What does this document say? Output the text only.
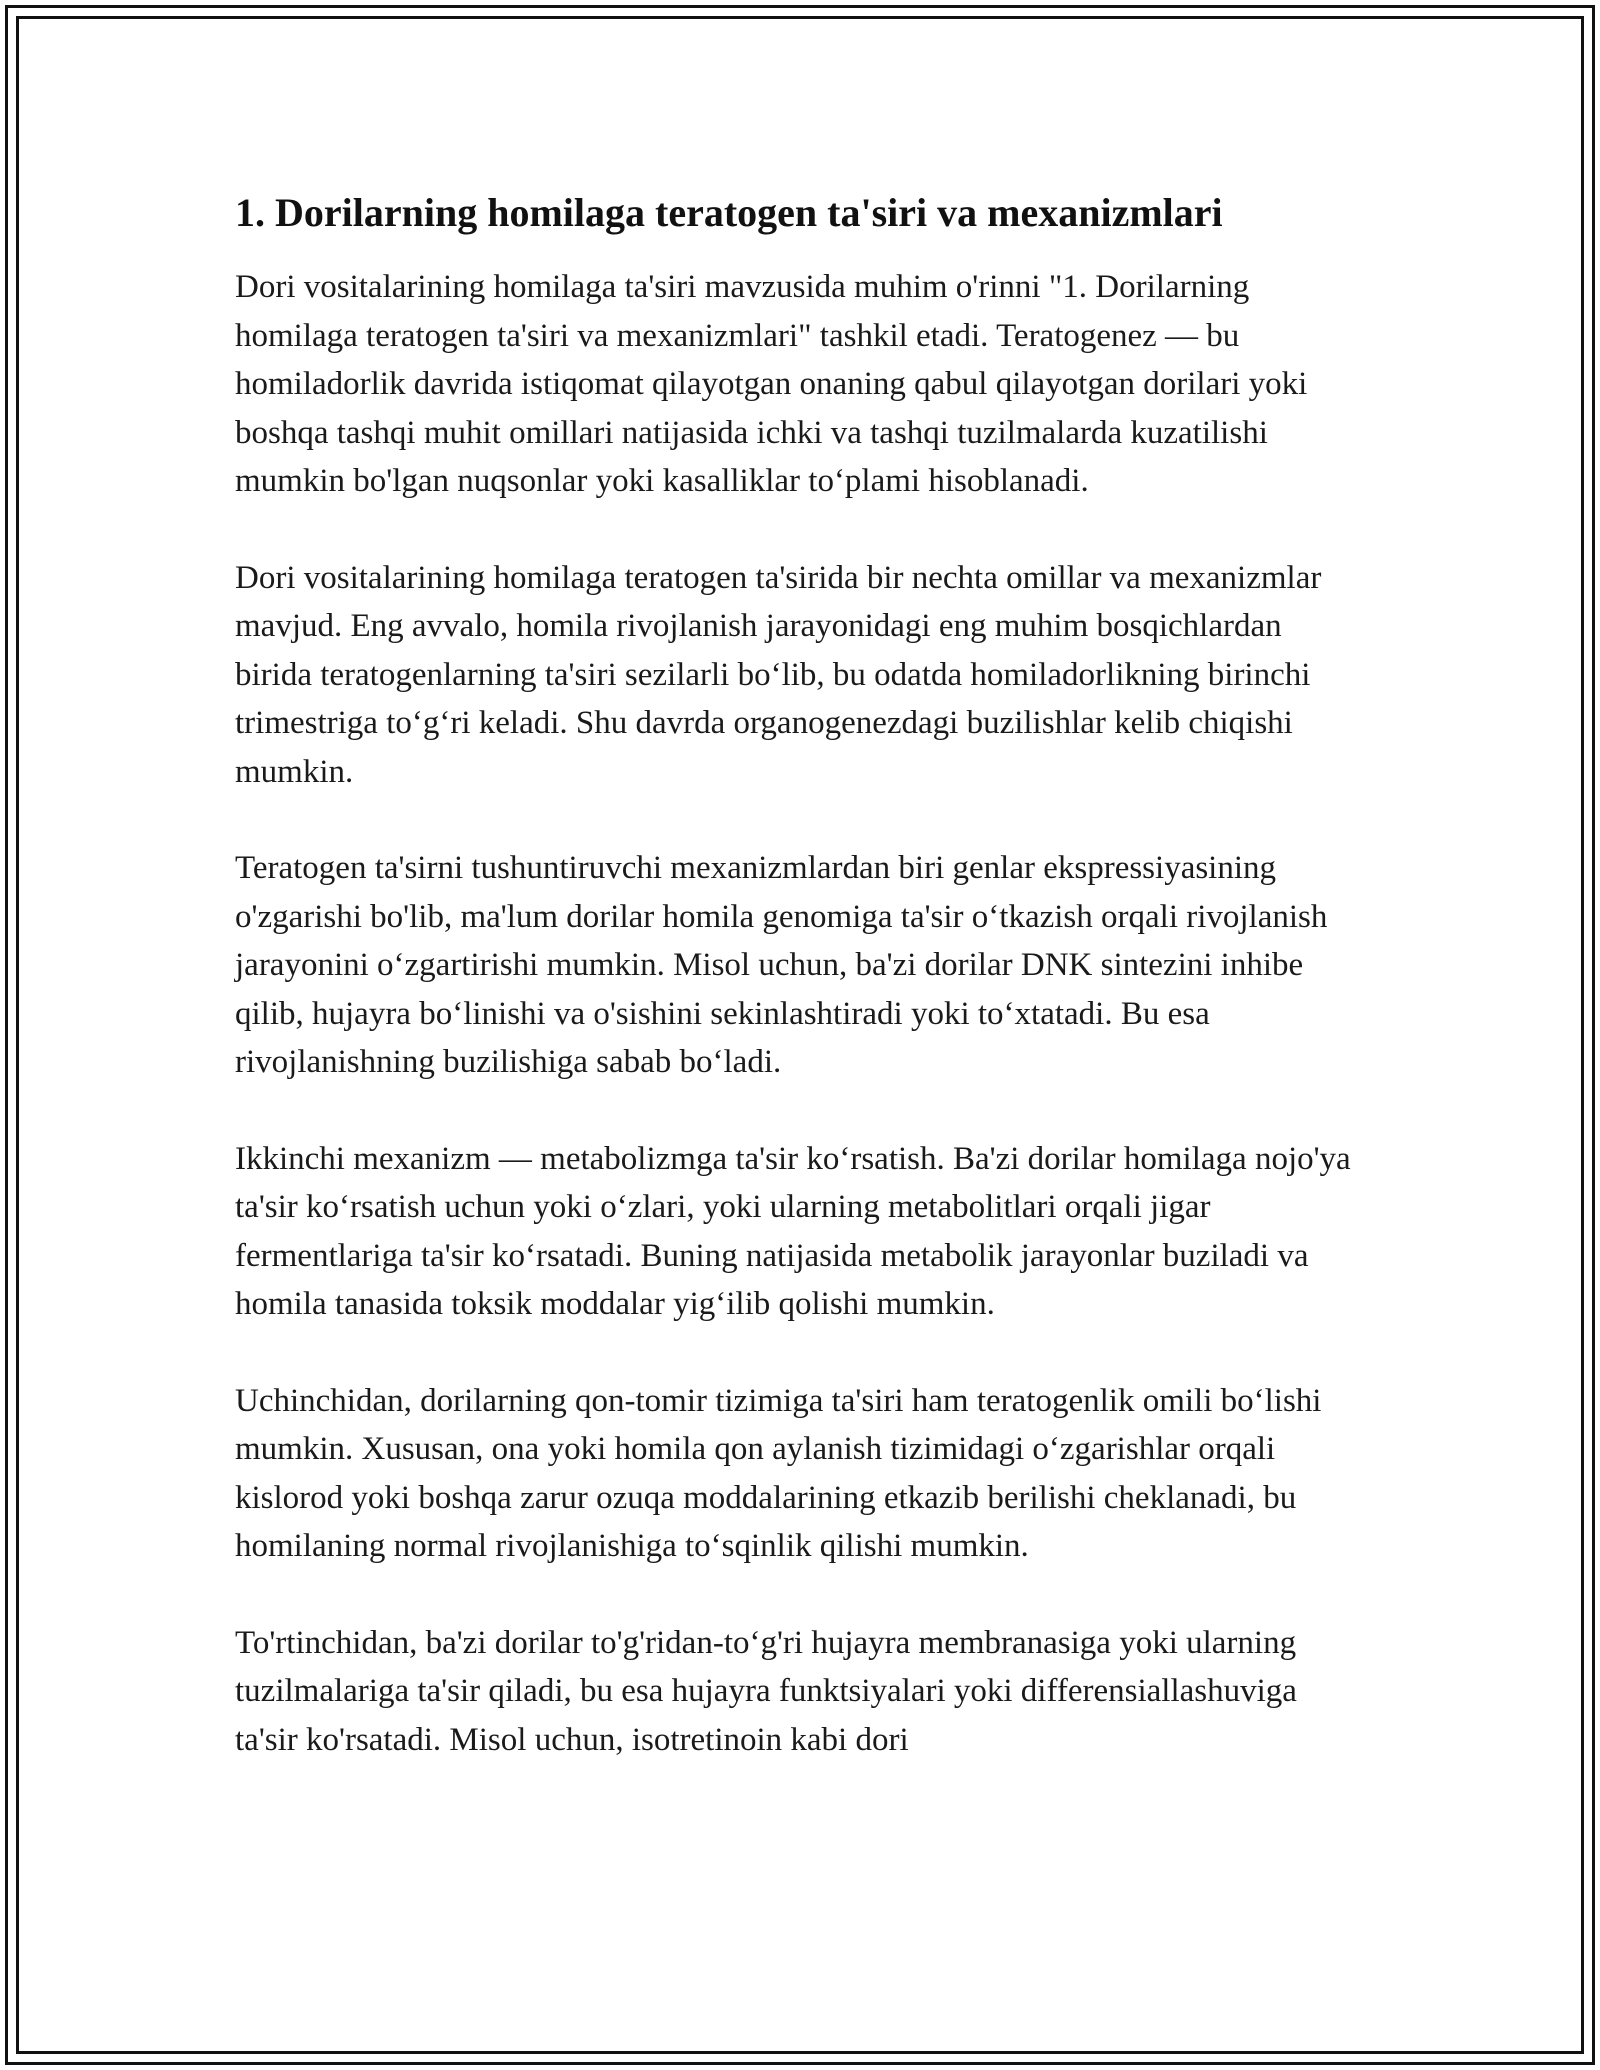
1. Dorilarning homilaga teratogen ta'siri va mexanizmlari

Dori vositalarining homilaga ta'siri mavzusida muhim o'rinni "1. Dorilarning homilaga teratogen ta'siri va mexanizmlari" tashkil etadi. Teratogenez — bu homiladorlik davrida istiqomat qilayotgan onaning qabul qilayotgan dorilari yoki boshqa tashqi muhit omillari natijasida ichki va tashqi tuzilmalarda kuzatilishi mumkin bo'lgan nuqsonlar yoki kasalliklar to‘plami hisoblanadi.

Dori vositalarining homilaga teratogen ta'sirida bir nechta omillar va mexanizmlar mavjud. Eng avvalo, homila rivojlanish jarayonidagi eng muhim bosqichlardan birida teratogenlarning ta'siri sezilarli bo‘lib, bu odatda homiladorlikning birinchi trimestriga to‘g‘ri keladi. Shu davrda organogenezdagi buzilishlar kelib chiqishi mumkin.

Teratogen ta'sirni tushuntiruvchi mexanizmlardan biri genlar ekspressiyasining o'zgarishi bo'lib, ma'lum dorilar homila genomiga ta'sir o‘tkazish orqali rivojlanish jarayonini o‘zgartirishi mumkin. Misol uchun, ba'zi dorilar DNK sintezini inhibe qilib, hujayra bo‘linishi va o'sishini sekinlashtiradi yoki to‘xtatadi. Bu esa rivojlanishning buzilishiga sabab bo‘ladi.

Ikkinchi mexanizm — metabolizmga ta'sir ko‘rsatish. Ba'zi dorilar homilaga nojo'ya ta'sir ko‘rsatish uchun yoki o‘zlari, yoki ularning metabolitlari orqali jigar fermentlariga ta'sir ko‘rsatadi. Buning natijasida metabolik jarayonlar buziladi va homila tanasida toksik moddalar yig‘ilib qolishi mumkin.

Uchinchidan, dorilarning qon-tomir tizimiga ta'siri ham teratogenlik omili bo‘lishi mumkin. Xususan, ona yoki homila qon aylanish tizimidagi o‘zgarishlar orqali kislorod yoki boshqa zarur ozuqa moddalarining etkazib berilishi cheklanadi, bu homilaning normal rivojlanishiga to‘sqinlik qilishi mumkin.

To'rtinchidan, ba'zi dorilar to'g'ridan-to‘g'ri hujayra membranasiga yoki ularning tuzilmalariga ta'sir qiladi, bu esa hujayra funktsiyalari yoki differensiallashuviga ta'sir ko'rsatadi. Misol uchun, isotretinoin kabi dori
